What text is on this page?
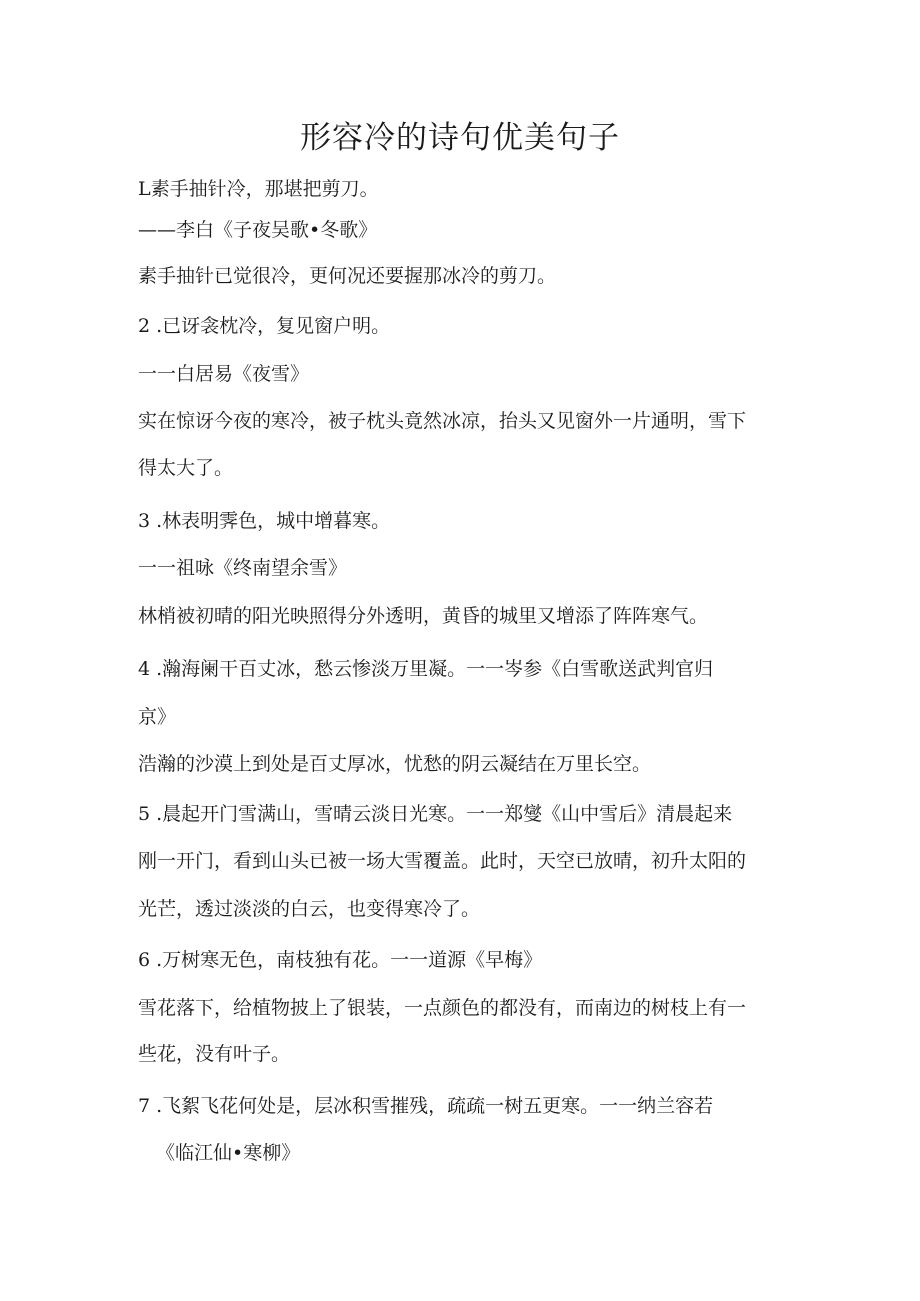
形容冷的诗句优美句子
L素手抽针冷，那堪把剪刀。
——李白《子夜吴歌•冬歌》
素手抽针已觉很冷，更何况还要握那冰冷的剪刀。
2 .已讶衾枕冷，复见窗户明。
一一白居易《夜雪》
实在惊讶今夜的寒冷，被子枕头竟然冰凉，抬头又见窗外一片通明，雪下
得太大了。
3 .林表明霁色，城中增暮寒。
一一祖咏《终南望余雪》
林梢被初晴的阳光映照得分外透明，黄昏的城里又增添了阵阵寒气。
4 .瀚海阑干百丈冰，愁云惨淡万里凝。一一岑参《白雪歌送武判官归
京》
浩瀚的沙漠上到处是百丈厚冰，忧愁的阴云凝结在万里长空。
5 .晨起开门雪满山，雪晴云淡日光寒。一一郑燮《山中雪后》清晨起来
刚一开门，看到山头已被一场大雪覆盖。此时，天空已放晴，初升太阳的
光芒，透过淡淡的白云，也变得寒冷了。
6 .万树寒无色，南枝独有花。一一道源《早梅》
雪花落下，给植物披上了银装，一点颜色的都没有，而南边的树枝上有一
些花，没有叶子。
7 .飞絮飞花何处是，层冰积雪摧残，疏疏一树五更寒。一一纳兰容若
《临江仙•寒柳》
